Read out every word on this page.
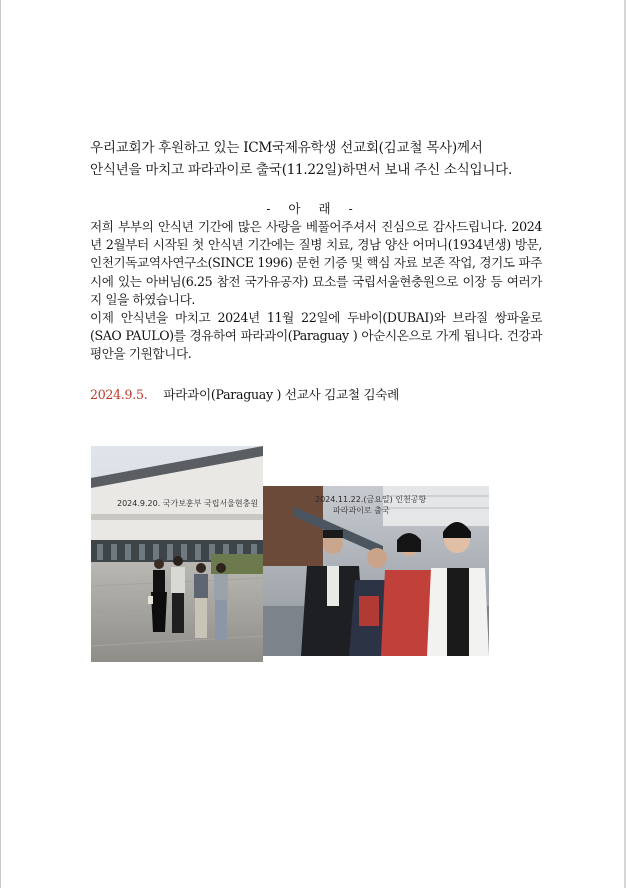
우리교회가 후원하고 있는 ICM국제유학생 선교회(김교철 목사)께서
안식년을 마치고 파라과이로 출국(11.22일)하면서 보내 주신 소식입니다.
- 아 래 -

저희 부부의 안식년 기간에 많은 사랑을 베풀어주셔서 진심으로 감사드립니다. 2024년 2월부터 시작된 첫 안식년 기간에는 질병 치료, 경남 양산 어머니(1934년생) 방문, 인천기독교역사연구소(SINCE 1996) 문헌 기증 및 핵심 자료 보존 작업, 경기도 파주시에 있는 아버님(6.25 참전 국가유공자) 묘소를 국립서울현충원으로 이장 등 여러가지 일을 하였습니다.

이제 안식년을 마치고 2024년 11월 22일에 두바이(DUBAI)와 브라질 쌍파울로(SAO PAULO)를 경유하여 파라과이(Paraguay ) 아순시온으로 가게 됩니다. 건강과 평안을 기원합니다.

2024.9.5. 파라과이(Paraguay ) 선교사 김교철 김숙례
2024.9.20. 국가보훈부 국립서울현충원	2024.11.22.(금요일) 인천공항
파라과이로 출국
